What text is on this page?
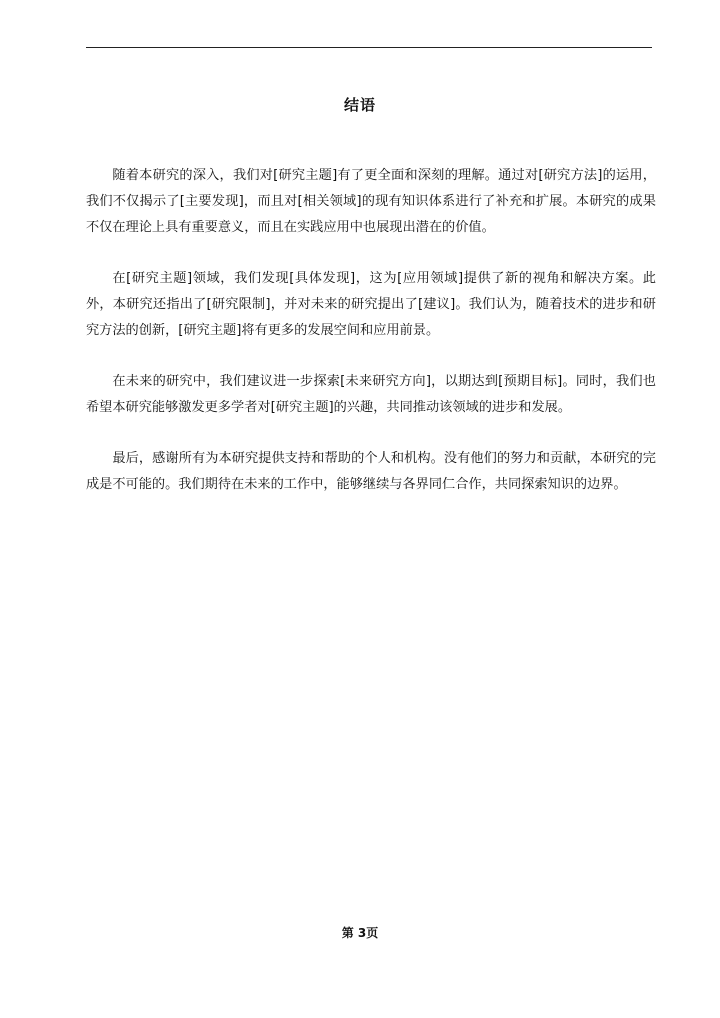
结语

随着本研究的深入，我们对[研究主题]有了更全面和深刻的理解。通过对[研究方法]的运用，我们不仅揭示了[主要发现]，而且对[相关领域]的现有知识体系进行了补充和扩展。本研究的成果不仅在理论上具有重要意义，而且在实践应用中也展现出潜在的价值。

在[研究主题]领域，我们发现[具体发现]，这为[应用领域]提供了新的视角和解决方案。此外，本研究还指出了[研究限制]，并对未来的研究提出了[建议]。我们认为，随着技术的进步和研究方法的创新，[研究主题]将有更多的发展空间和应用前景。

在未来的研究中，我们建议进一步探索[未来研究方向]，以期达到[预期目标]。同时，我们也希望本研究能够激发更多学者对[研究主题]的兴趣，共同推动该领域的进步和发展。

最后，感谢所有为本研究提供支持和帮助的个人和机构。没有他们的努力和贡献，本研究的完成是不可能的。我们期待在未来的工作中，能够继续与各界同仁合作，共同探索知识的边界。

第 3页
